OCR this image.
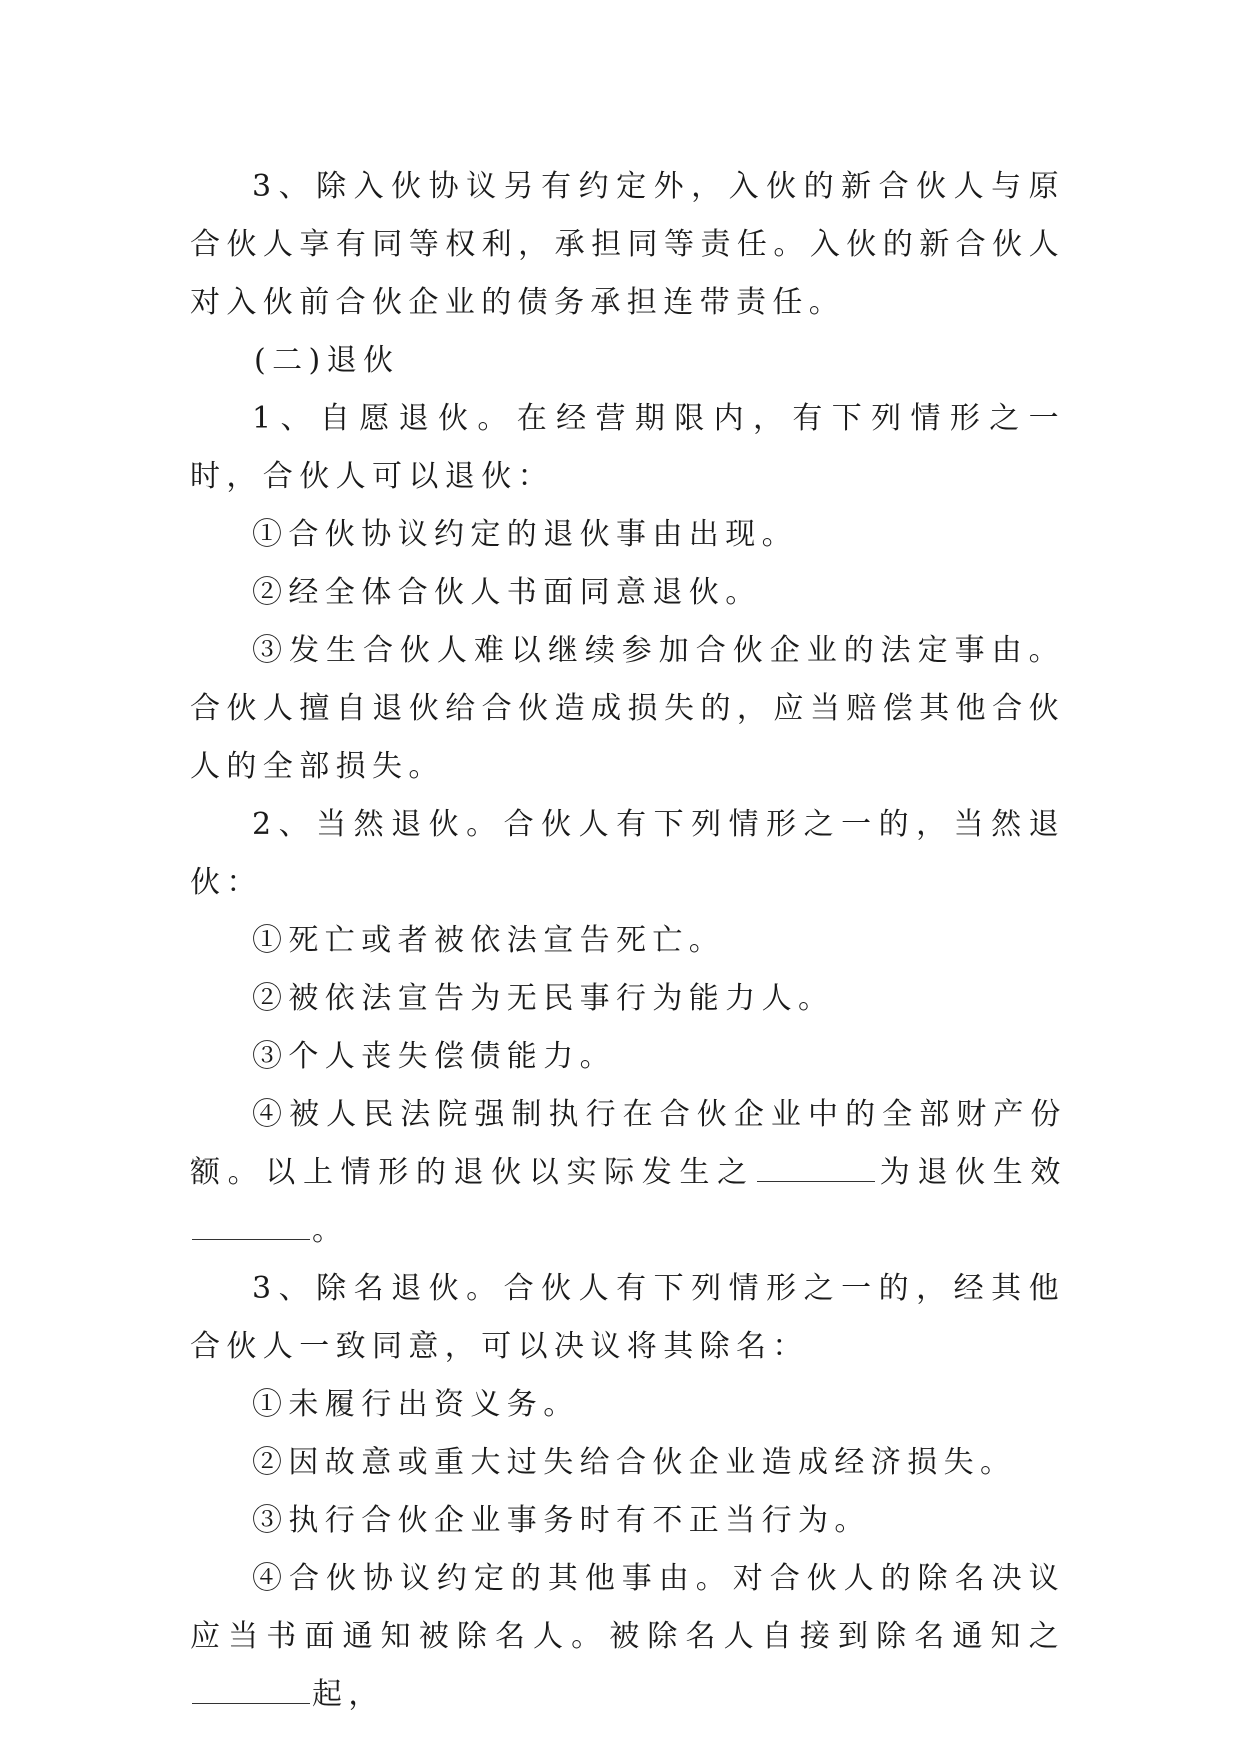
3、除入伙协议另有约定外，入伙的新合伙人与原合伙人享有同等权利，承担同等责任。入伙的新合伙人对入伙前合伙企业的债务承担连带责任。

(二)退伙

1、自愿退伙。在经营期限内，有下列情形之一时，合伙人可以退伙：

①合伙协议约定的退伙事由出现。

②经全体合伙人书面同意退伙。

③发生合伙人难以继续参加合伙企业的法定事由。合伙人擅自退伙给合伙造成损失的，应当赔偿其他合伙人的全部损失。

2、当然退伙。合伙人有下列情形之一的，当然退伙：

①死亡或者被依法宣告死亡。

②被依法宣告为无民事行为能力人。

③个人丧失偿债能力。

④被人民法院强制执行在合伙企业中的全部财产份额。以上情形的退伙以实际发生之	为退伙生效。

3、除名退伙。合伙人有下列情形之一的，经其他合伙人一致同意，可以决议将其除名：

①未履行出资义务。

②因故意或重大过失给合伙企业造成经济损失。

③执行合伙企业事务时有不正当行为。

④合伙协议约定的其他事由。对合伙人的除名决议应当书面通知被除名人。被除名人自接到除名通知之起，
